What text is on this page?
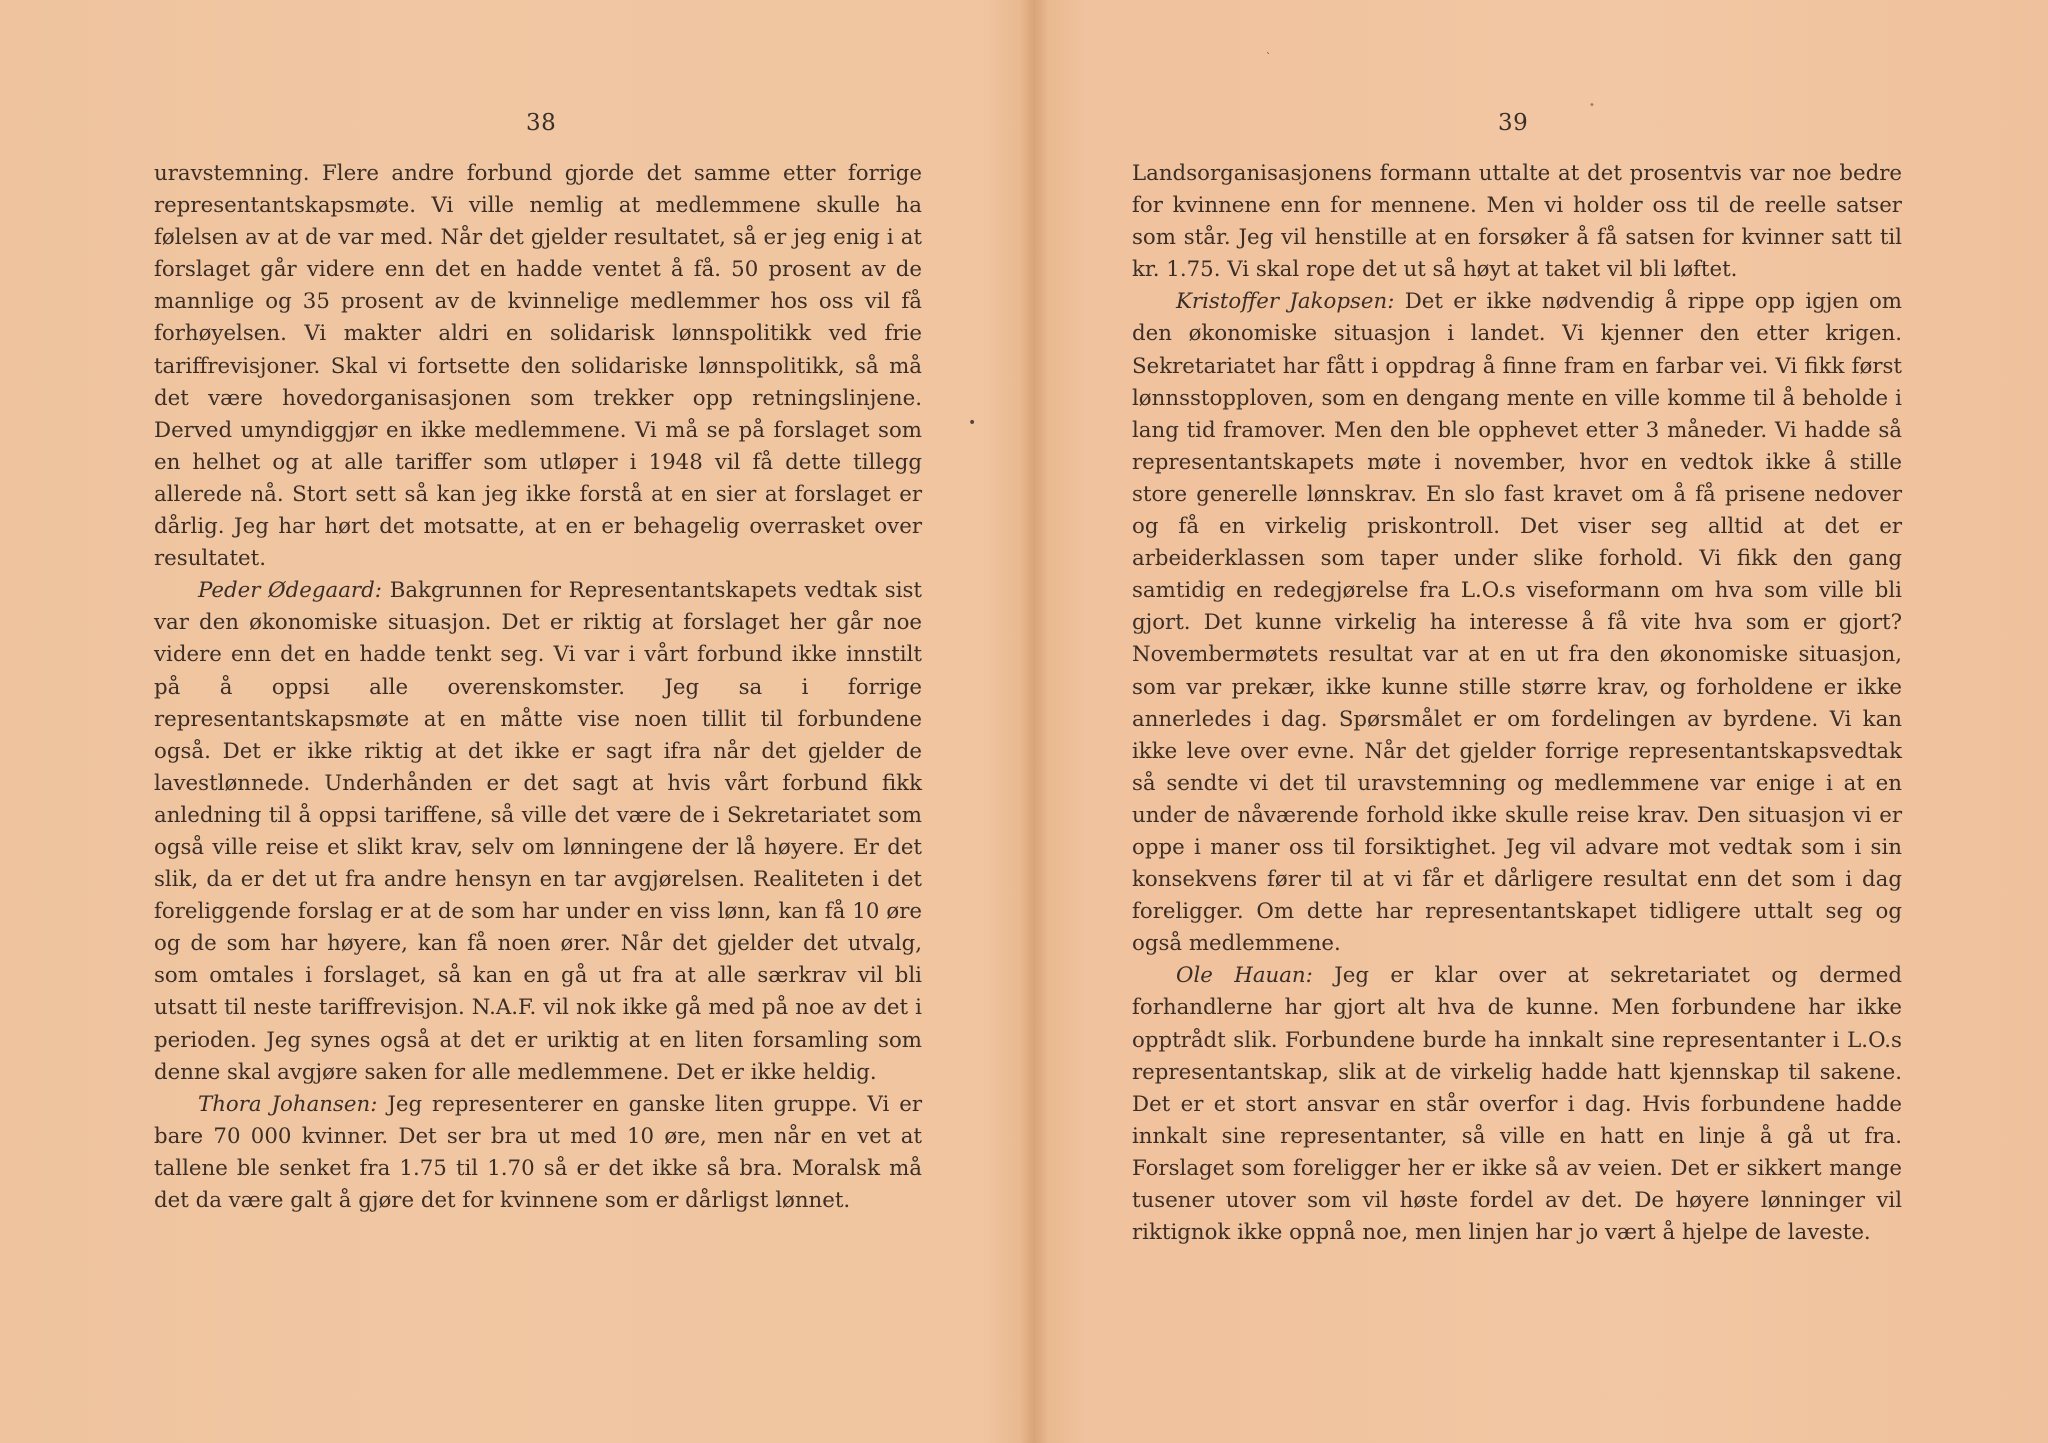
38

uravstemning. Flere andre forbund gjorde det samme etter forrige representantskapsmøte. Vi ville nemlig at medlemmene skulle ha følelsen av at de var med. Når det gjelder resultatet, så er jeg enig i at forslaget går videre enn det en hadde ventet å få. 50 prosent av de mannlige og 35 prosent av de kvinnelige medlemmer hos oss vil få forhøyelsen. Vi makter aldri en solidarisk lønnspolitikk ved frie tariffrevisjoner. Skal vi fortsette den solidariske lønnspolitikk, så må det være hovedorganisasjonen som trekker opp retningslinjene. Derved umyndiggjør en ikke medlemmene. Vi må se på forslaget som en helhet og at alle tariffer som utløper i 1948 vil få dette tillegg allerede nå. Stort sett så kan jeg ikke forstå at en sier at forslaget er dårlig. Jeg har hørt det motsatte, at en er behagelig overrasket over resultatet.

Peder Ødegaard: Bakgrunnen for Representantskapets vedtak sist var den økonomiske situasjon. Det er riktig at forslaget her går noe videre enn det en hadde tenkt seg. Vi var i vårt forbund ikke innstilt på å oppsi alle overenskomster. Jeg sa i forrige representantskapsmøte at en måtte vise noen tillit til forbundene også. Det er ikke riktig at det ikke er sagt ifra når det gjelder de lavestlønnede. Underhånden er det sagt at hvis vårt forbund fikk anledning til å oppsi tariffene, så ville det være de i Sekretariatet som også ville reise et slikt krav, selv om lønningene der lå høyere. Er det slik, da er det ut fra andre hensyn en tar avgjørelsen. Realiteten i det foreliggende forslag er at de som har under en viss lønn, kan få 10 øre og de som har høyere, kan få noen ører. Når det gjelder det utvalg, som omtales i forslaget, så kan en gå ut fra at alle særkrav vil bli utsatt til neste tariffrevisjon. N.A.F. vil nok ikke gå med på noe av det i perioden. Jeg synes også at det er uriktig at en liten forsamling som denne skal avgjøre saken for alle medlemmene. Det er ikke heldig.

Thora Johansen: Jeg representerer en ganske liten gruppe. Vi er bare 70 000 kvinner. Det ser bra ut med 10 øre, men når en vet at tallene ble senket fra 1.75 til 1.70 så er det ikke så bra. Moralsk må det da være galt å gjøre det for kvinnene som er dårligst lønnet.

39

Landsorganisasjonens formann uttalte at det prosentvis var noe bedre for kvinnene enn for mennene. Men vi holder oss til de reelle satser som står. Jeg vil henstille at en forsøker å få satsen for kvinner satt til kr. 1.75. Vi skal rope det ut så høyt at taket vil bli løftet.

Kristoffer Jakopsen: Det er ikke nødvendig å rippe opp igjen om den økonomiske situasjon i landet. Vi kjenner den etter krigen. Sekretariatet har fått i oppdrag å finne fram en farbar vei. Vi fikk først lønnsstopploven, som en dengang mente en ville komme til å beholde i lang tid framover. Men den ble opphevet etter 3 måneder. Vi hadde så representantskapets møte i november, hvor en vedtok ikke å stille store generelle lønnskrav. En slo fast kravet om å få prisene nedover og få en virkelig priskontroll. Det viser seg alltid at det er arbeiderklassen som taper under slike forhold. Vi fikk den gang samtidig en redegjørelse fra L.O.s viseformann om hva som ville bli gjort. Det kunne virkelig ha interesse å få vite hva som er gjort? Novembermøtets resultat var at en ut fra den økonomiske situasjon, som var prekær, ikke kunne stille større krav, og forholdene er ikke annerledes i dag. Spørsmålet er om fordelingen av byrdene. Vi kan ikke leve over evne. Når det gjelder forrige representantskapsvedtak så sendte vi det til uravstemning og medlemmene var enige i at en under de nåværende forhold ikke skulle reise krav. Den situasjon vi er oppe i maner oss til forsiktighet. Jeg vil advare mot vedtak som i sin konsekvens fører til at vi får et dårligere resultat enn det som i dag foreligger. Om dette har representantskapet tidligere uttalt seg og også medlemmene.

Ole Hauan: Jeg er klar over at sekretariatet og dermed forhandlerne har gjort alt hva de kunne. Men forbundene har ikke opptrådt slik. Forbundene burde ha innkalt sine representanter i L.O.s representantskap, slik at de virkelig hadde hatt kjennskap til sakene. Det er et stort ansvar en står overfor i dag. Hvis forbundene hadde innkalt sine representanter, så ville en hatt en linje å gå ut fra. Forslaget som foreligger her er ikke så av veien. Det er sikkert mange tusener utover som vil høste fordel av det. De høyere lønninger vil riktignok ikke oppnå noe, men linjen har jo vært å hjelpe de laveste.

•
•
ˋ
